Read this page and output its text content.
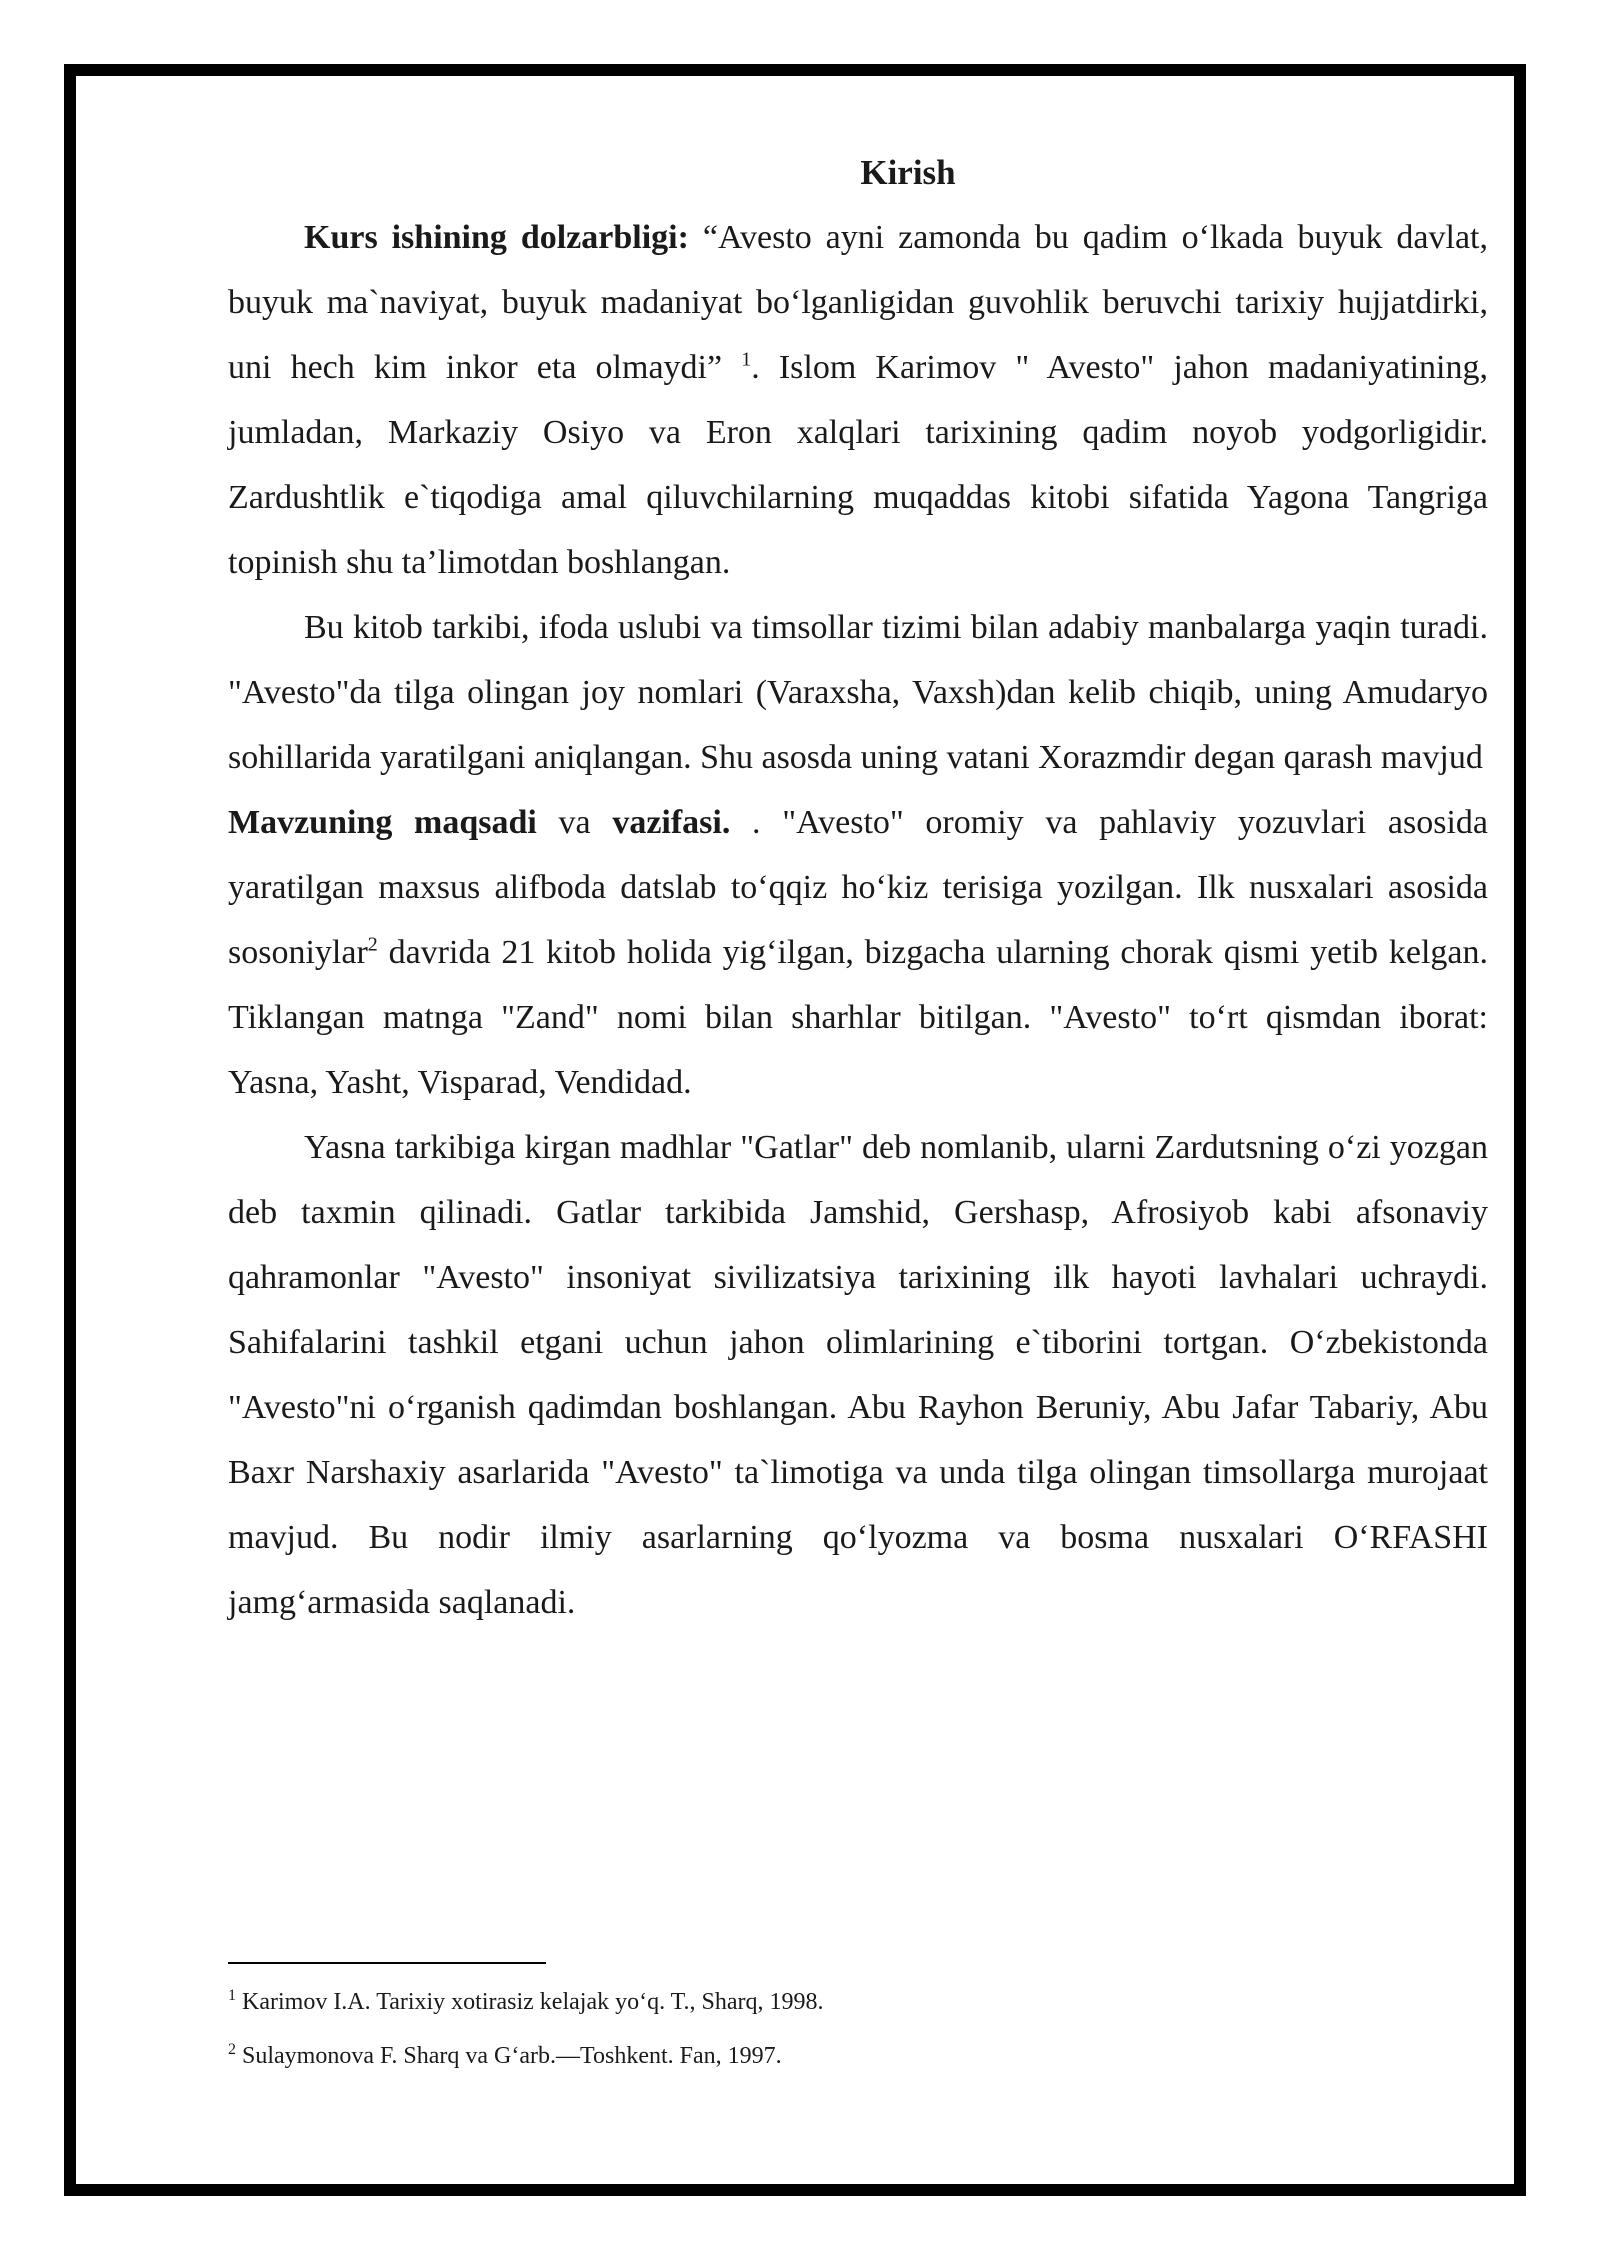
Kirish

Kurs ishining dolzarbligi: “Avesto ayni zamonda bu qadim o‘lkada buyuk davlat, buyuk ma`naviyat, buyuk madaniyat bo‘lganligidan guvohlik beruvchi tarixiy hujjatdirki, uni hech kim inkor eta olmaydi” $^1$. Islom Karimov " Avesto" jahon madaniyatining, jumladan, Markaziy Osiyo va Eron xalqlari tarixining qadim noyob yodgorligidir. Zardushtlik e`tiqodiga amal qiluvchilarning muqaddas kitobi sifatida Yagona Tangriga topinish shu ta’limotdan boshlangan.

Bu kitob tarkibi, ifoda uslubi va timsollar tizimi bilan adabiy manbalarga yaqin turadi. "Avesto"da tilga olingan joy nomlari (Varaxsha, Vaxsh)dan kelib chiqib, uning Amudaryo sohillarida yaratilgani aniqlangan. Shu asosda uning vatani Xorazmdir degan qarash mavjud

Mavzuning maqsadi va vazifasi. . "Avesto" oromiy va pahlaviy yozuvlari asosida yaratilgan maxsus alifboda datslab to‘qqiz ho‘kiz terisiga yozilgan. Ilk nusxalari asosida sosoniylar$^2$ davrida 21 kitob holida yig‘ilgan, bizgacha ularning chorak qismi yetib kelgan. Tiklangan matnga "Zand" nomi bilan sharhlar bitilgan. "Avesto" to‘rt qismdan iborat: Yasna, Yasht, Visparad, Vendidad.

Yasna tarkibiga kirgan madhlar "Gatlar" deb nomlanib, ularni Zardutsning o‘zi yozgan deb taxmin qilinadi. Gatlar tarkibida Jamshid, Gershasp, Afrosiyob kabi afsonaviy qahramonlar "Avesto" insoniyat sivilizatsiya tarixining ilk hayoti lavhalari uchraydi. Sahifalarini tashkil etgani uchun jahon olimlarining e`tiborini tortgan. O‘zbekistonda "Avesto"ni o‘rganish qadimdan boshlangan. Abu Rayhon Beruniy, Abu Jafar Tabariy, Abu Baxr Narshaxiy asarlarida "Avesto" ta`limotiga va unda tilga olingan timsollarga murojaat mavjud. Bu nodir ilmiy asarlarning qo‘lyozma va bosma nusxalari O‘RFASHI jamg‘armasida saqlanadi.

$^1$ Karimov I.A. Tarixiy xotirasiz kelajak yo‘q. T., Sharq, 1998.

$^2$ Sulaymonova F. Sharq va G‘arb.—Toshkent. Fan, 1997.
